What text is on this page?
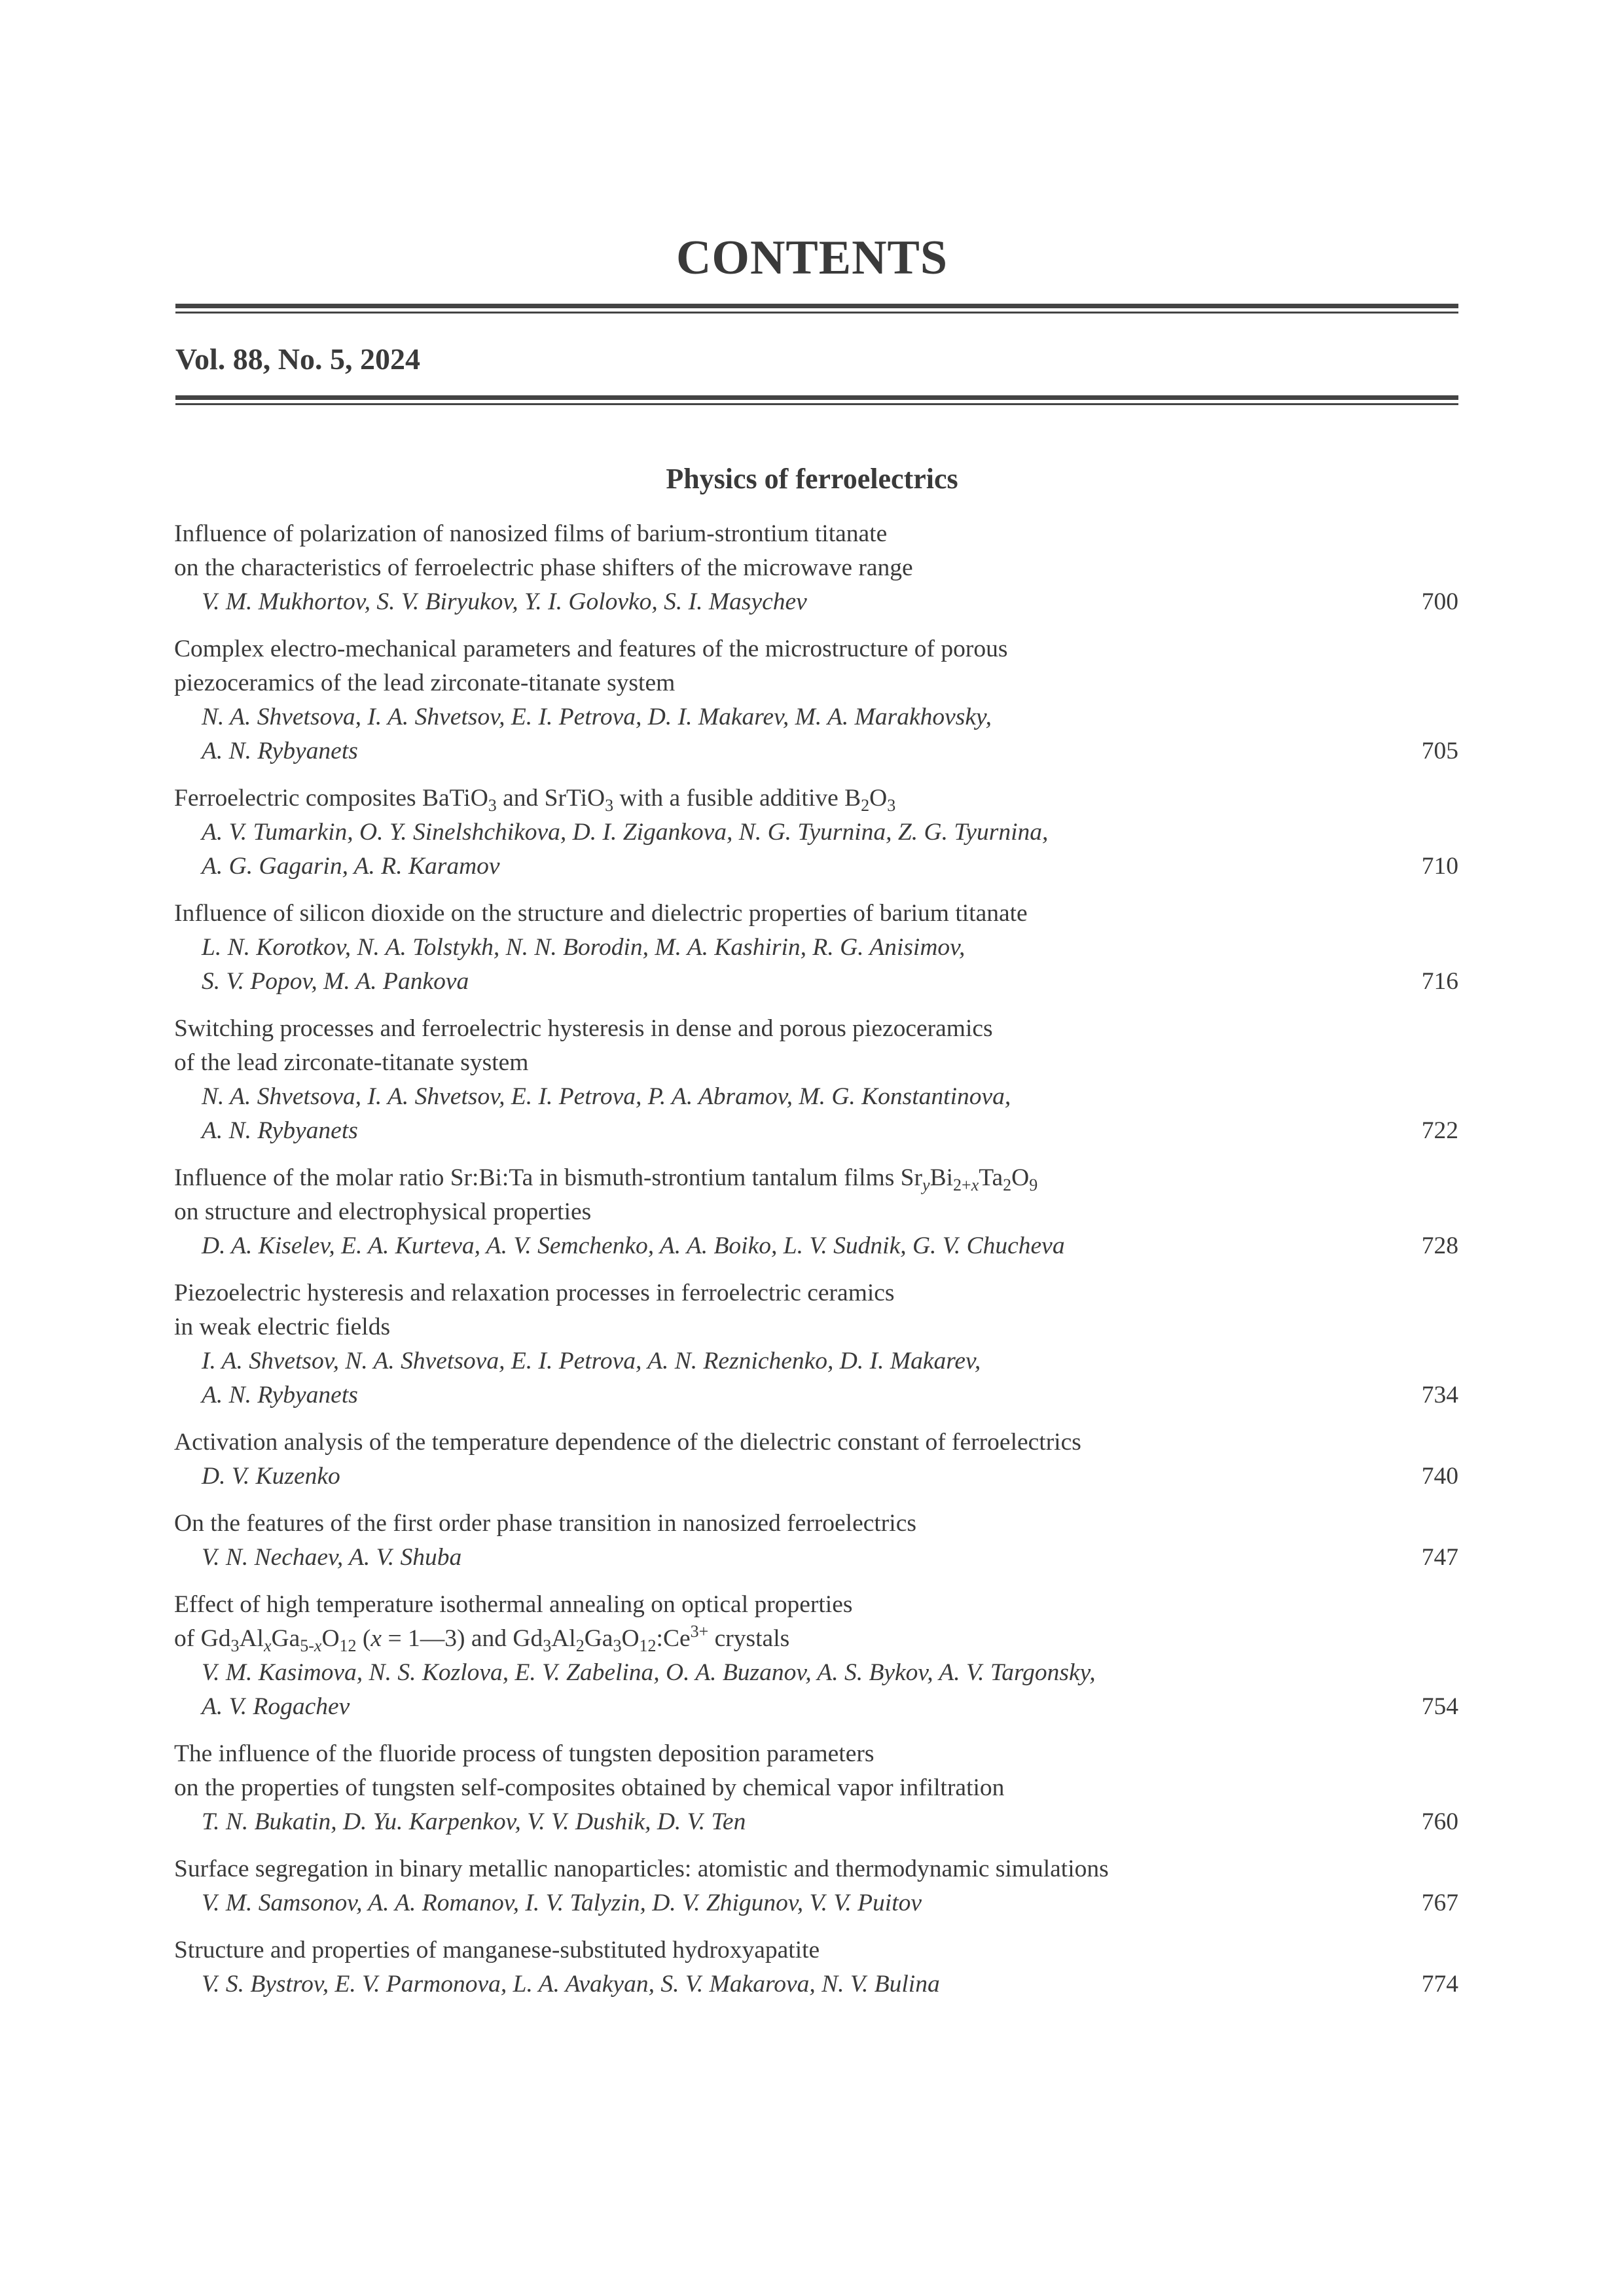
CONTENTS
Vol. 88, No. 5, 2024
Physics of ferroelectrics
Influence of polarization of nanosized films of barium-strontium titanate
on the characteristics of ferroelectric phase shifters of the microwave range
V. M. Mukhortov, S. V. Biryukov, Y. I. Golovko, S. I. Masychev	700
Complex electro-mechanical parameters and features of the microstructure of porous
piezoceramics of the lead zirconate-titanate system
N. A. Shvetsova, I. A. Shvetsov, E. I. Petrova, D. I. Makarev, M. A. Marakhovsky,
A. N. Rybyanets	705
Ferroelectric composites BaTiO$_3$ and SrTiO$_3$ with a fusible additive $B_2O_3$
A. V. Tumarkin, O. Y. Sinelshchikova, D. I. Zigankova, N. G. Tyurnina, Z. G. Tyurnina,
A. G. Gagarin, A. R. Karamov	710
Influence of silicon dioxide on the structure and dielectric properties of barium titanate
L. N. Korotkov, N. A. Tolstykh, N. N. Borodin, M. A. Kashirin, R. G. Anisimov,
S. V. Popov, M. A. Pankova	716
Switching processes and ferroelectric hysteresis in dense and porous piezoceramics
of the lead zirconate-titanate system
N. A. Shvetsova, I. A. Shvetsov, E. I. Petrova, P. A. Abramov, M. G. Konstantinova,
A. N. Rybyanets	722
Influence of the molar ratio Sr:Bi:Ta in bismuth-strontium tantalum films $Sr_yBi_{2+x}Ta_2O_9$
on structure and electrophysical properties
D. A. Kiselev, E. A. Kurteva, A. V. Semchenko, A. A. Boiko, L. V. Sudnik, G. V. Chucheva	728
Piezoelectric hysteresis and relaxation processes in ferroelectric ceramics
in weak electric fields
I. A. Shvetsov, N. A. Shvetsova, E. I. Petrova, A. N. Reznichenko, D. I. Makarev,
A. N. Rybyanets	734
Activation analysis of the temperature dependence of the dielectric constant of ferroelectrics
D. V. Kuzenko	740
On the features of the first order phase transition in nanosized ferroelectrics
V. N. Nechaev, A. V. Shuba	747
Effect of high temperature isothermal annealing on optical properties
of $Gd_3Al_xGa_{5-x}O_{12}$ (x = 1—3) and $Gd_3Al_2Ga_3O_{12}:Ce^{3+}$ crystals
V. M. Kasimova, N. S. Kozlova, E. V. Zabelina, O. A. Buzanov, A. S. Bykov, A. V. Targonsky,
A. V. Rogachev	754
The influence of the fluoride process of tungsten deposition parameters
on the properties of tungsten self-composites obtained by chemical vapor infiltration
T. N. Bukatin, D. Yu. Karpenkov, V. V. Dushik, D. V. Ten	760
Surface segregation in binary metallic nanoparticles: atomistic and thermodynamic simulations
V. M. Samsonov, A. A. Romanov, I. V. Talyzin, D. V. Zhigunov, V. V. Puitov	767
Structure and properties of manganese-substituted hydroxyapatite
V. S. Bystrov, E. V. Parmonova, L. A. Avakyan, S. V. Makarova, N. V. Bulina	774
